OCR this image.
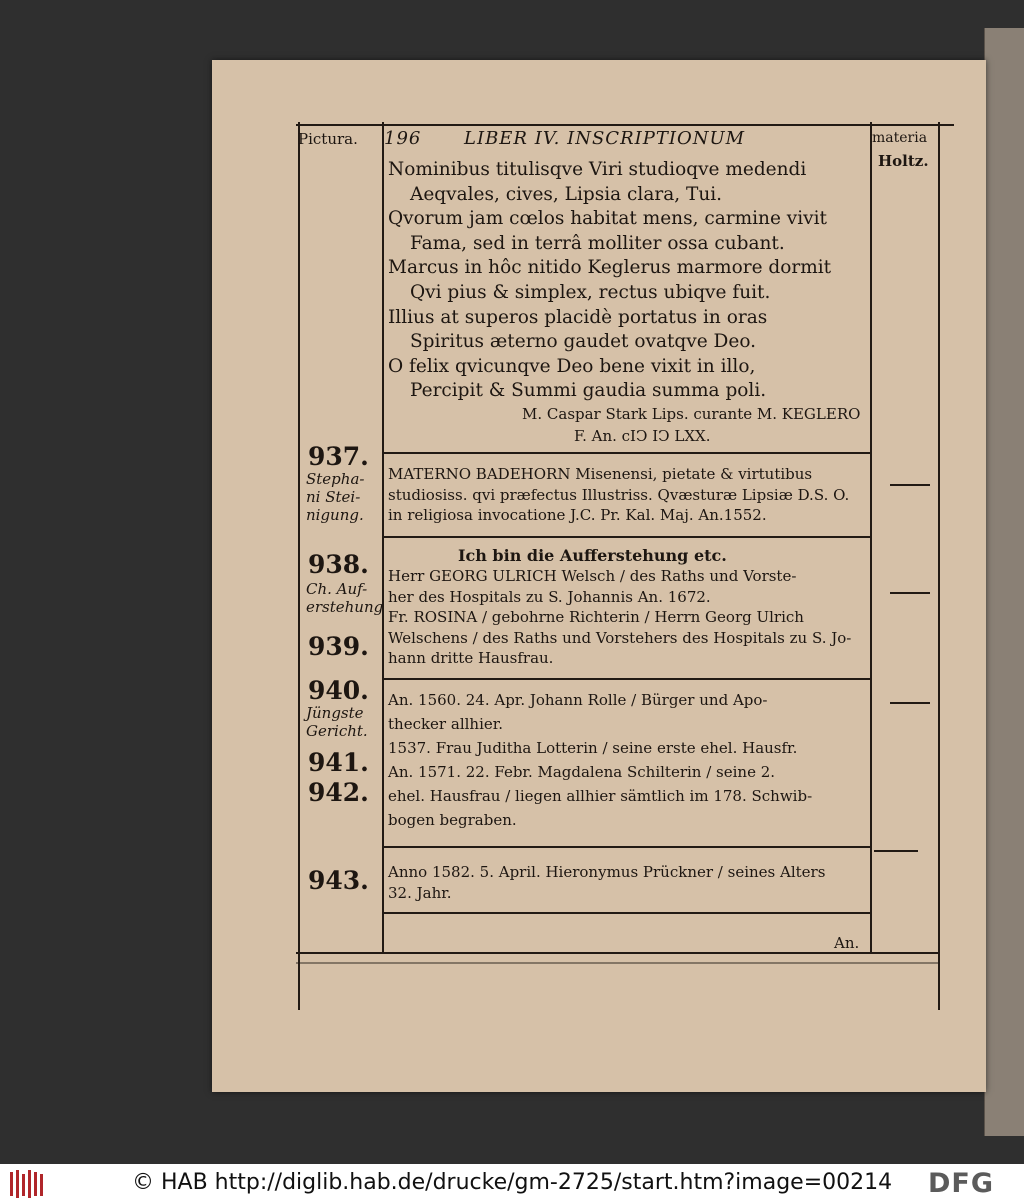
Pictura. 196 LIBER IV. INSCRIPTIONUM	materia
Holtz.
Nominibus titulisqve Viri studioqve medendi
Aeqvales, cives, Lipsia clara, Tui.
Qvorum jam cœlos habitat mens, carmine vivit
Fama, sed in terrâ molliter ossa cubant.
Marcus in hôc nitido Keglerus marmore dormit
Qvi pius & simplex, rectus ubiqve fuit.
Illius at superos placidè portatus in oras
Spiritus æterno gaudet ovatqve Deo.
O felix qvicunqve Deo bene vixit in illo,
Percipit & Summi gaudia summa poli.
M. Caspar Stark Lips. curante M. KEGLERO
F. An. cIↃ IↃ LXX.
937.
Stepha-
ni Stei-
nigung.
MATERNO BADEHORN Misenensi, pietate & virtutibus
studiosiss. qvi præfectus Illustriss. Qvæsturæ Lipsiæ D.S. O.
in religiosa invocatione J.C. Pr. Kal. Maj. An.1552.
938.
Ch. Auf-
erstehung
939.
Ich bin die Aufferstehung etc.
Herr GEORG ULRICH Welsch / des Raths und Vorste-
her des Hospitals zu S. Johannis An. 1672.
Fr. ROSINA / gebohrne Richterin / Herrn Georg Ulrich
Welschens / des Raths und Vorstehers des Hospitals zu S. Jo-
hann dritte Hausfrau.
940.
Jüngste
Gericht.
941.
942.
An. 1560. 24. Apr. Johann Rolle / Bürger und Apo-
thecker allhier.
1537. Frau Juditha Lotterin / seine erste ehel. Hausfr.
An. 1571. 22. Febr. Magdalena Schilterin / seine 2.
ehel. Hausfrau / liegen allhier sämtlich im 178. Schwib-
bogen begraben.
943. Anno 1582. 5. April. Hieronymus Prückner / seines Alters
32. Jahr.
An.
© HAB http://diglib.hab.de/drucke/gm-2725/start.htm?image=00214 DFG
